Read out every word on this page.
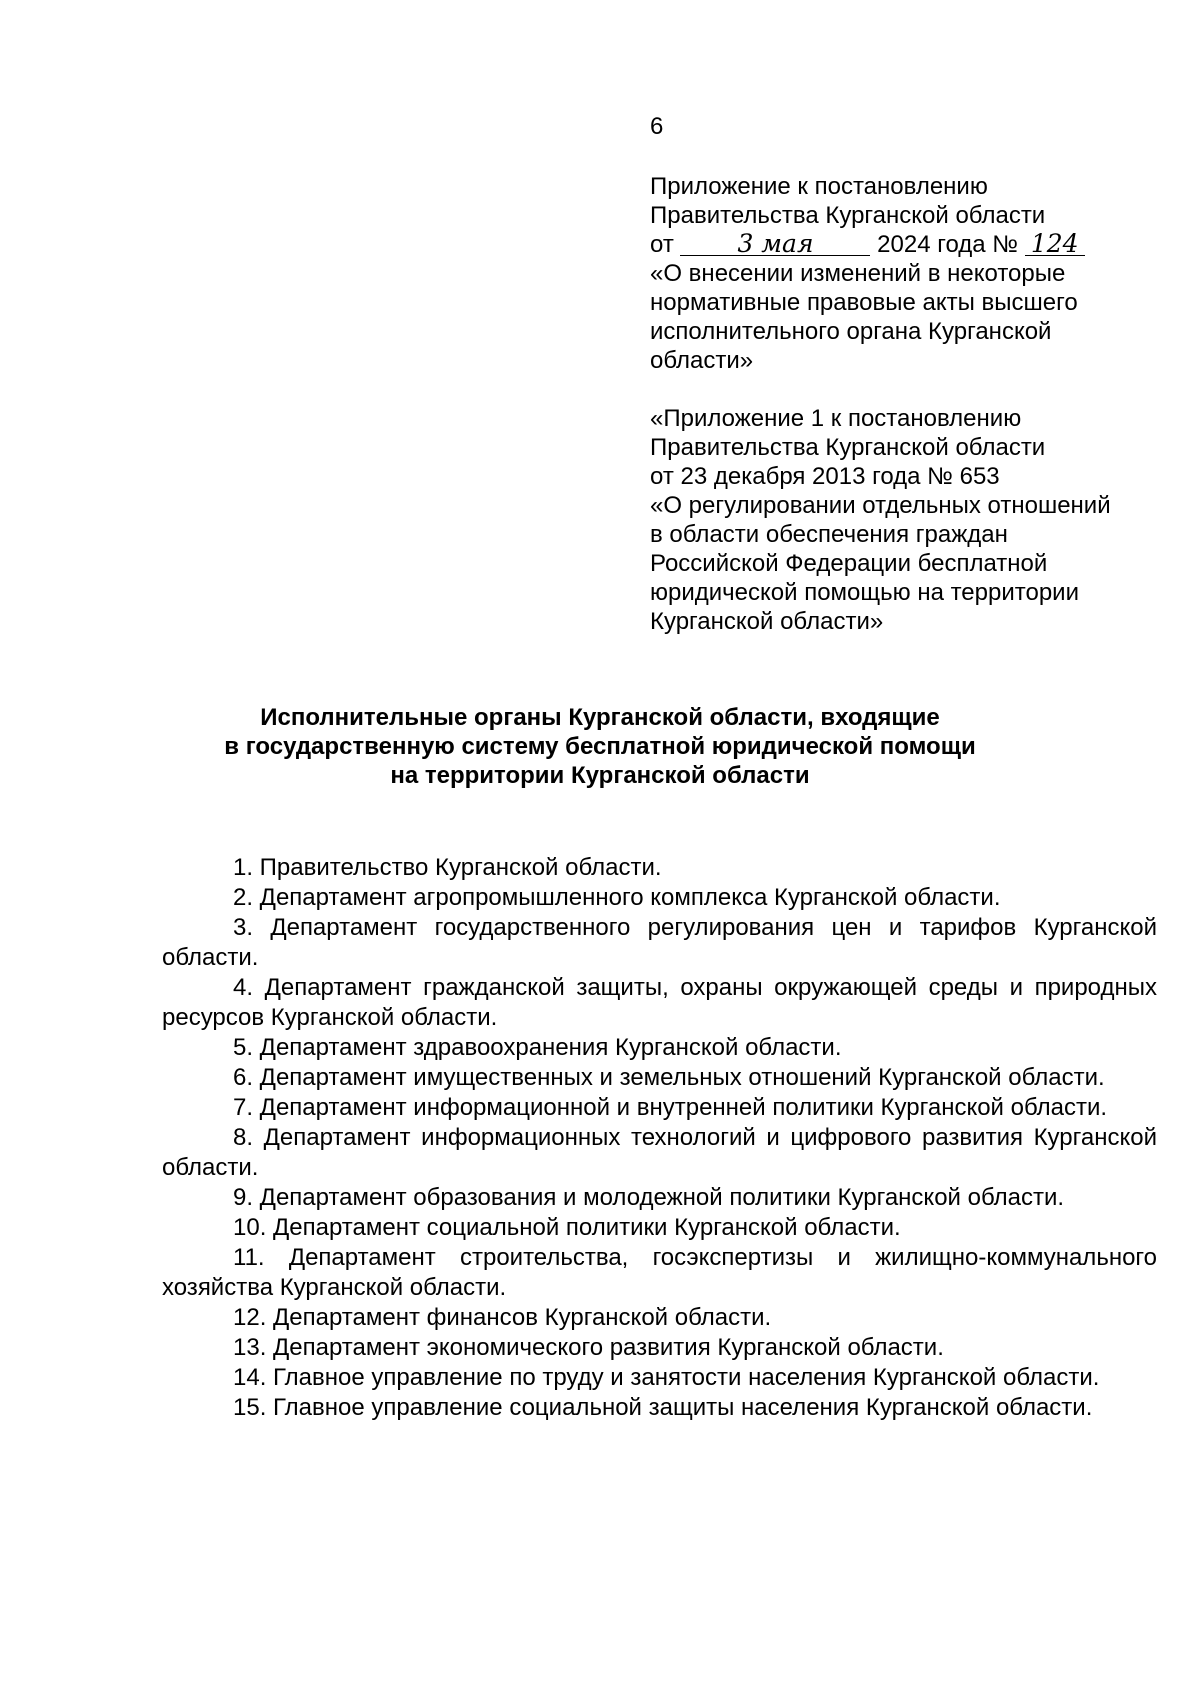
6

Приложение к постановлению

Правительства Курганской области

от	3 мая	2024 года № 124

«О внесении изменений в некоторые

нормативные правовые акты высшего

исполнительного органа Курганской

области»

«Приложение 1 к постановлению

Правительства Курганской области

от 23 декабря 2013 года № 653

«О регулировании отдельных отношений

в области обеспечения граждан

Российской Федерации бесплатной

юридической помощью на территории

Курганской области»

Исполнительные органы Курганской области, входящие

в государственную систему бесплатной юридической помощи

на территории Курганской области

1. Правительство Курганской области.

2. Департамент агропромышленного комплекса Курганской области.

3. Департамент государственного регулирования цен и тарифов Курганской области.

4. Департамент гражданской защиты, охраны окружающей среды и природных ресурсов Курганской области.

5. Департамент здравоохранения Курганской области.

6. Департамент имущественных и земельных отношений Курганской области.

7. Департамент информационной и внутренней политики Курганской области.

8. Департамент информационных технологий и цифрового развития Курганской области.

9. Департамент образования и молодежной политики Курганской области.

10. Департамент социальной политики Курганской области.

11. Департамент строительства, госэкспертизы и жилищно-коммунального хозяйства Курганской области.

12. Департамент финансов Курганской области.

13. Департамент экономического развития Курганской области.

14. Главное управление по труду и занятости населения Курганской области.

15. Главное управление социальной защиты населения Курганской области.
